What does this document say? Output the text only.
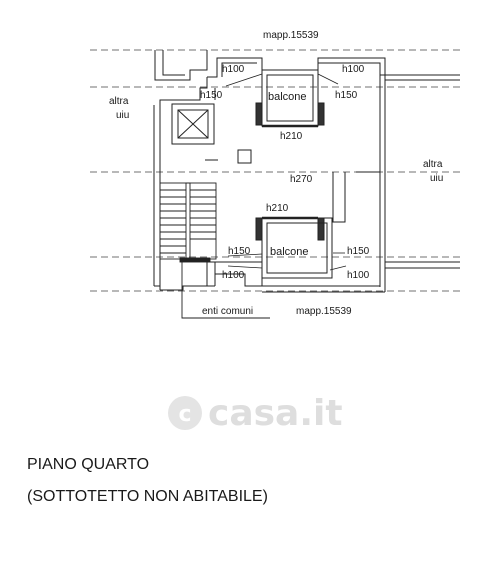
c casa.it
mapp.15539
mapp.15539
altra
uiu
altra
uiu
balcone
balcone
h100	h100
h150	h150
h210
h270
h210
h150	h150
h100	h100
enti comuni
PIANO QUARTO
(SOTTOTETTO NON ABITABILE)
